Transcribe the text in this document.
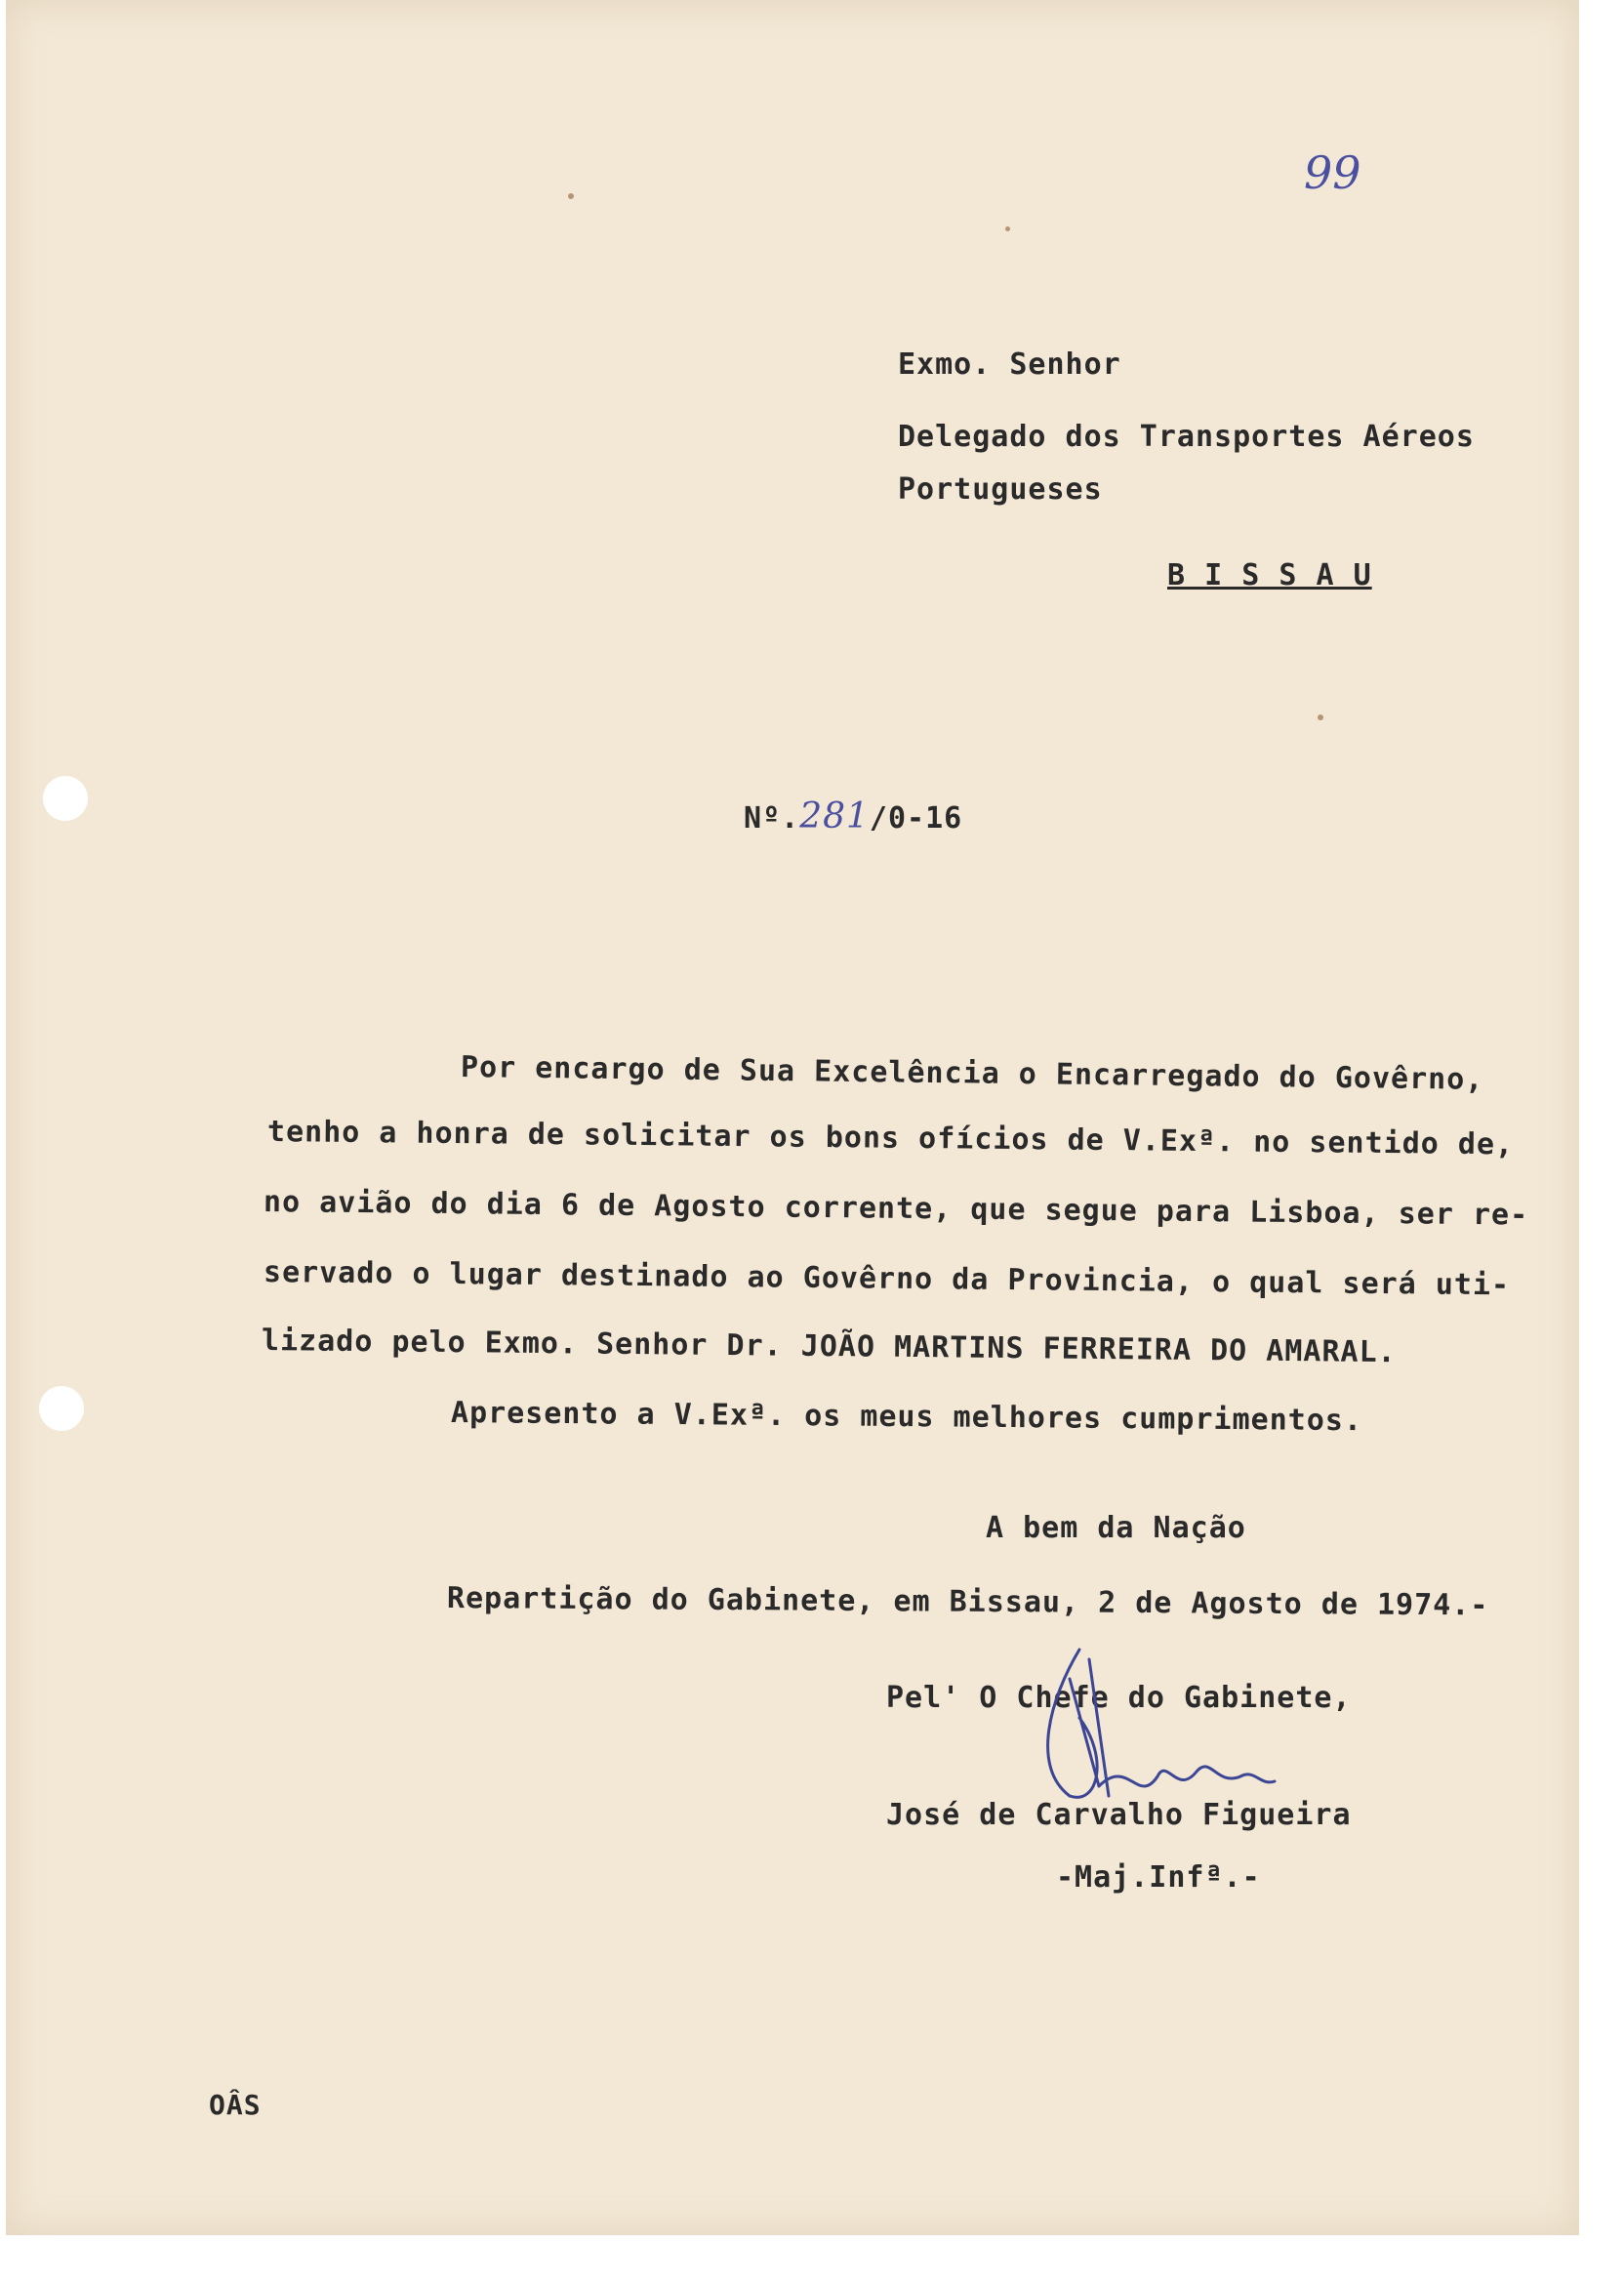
99
Exmo. Senhor
Delegado dos Transportes Aéreos
Portugueses
B I S S A U
Nº.281/0-16
Por encargo de Sua Excelência o Encarregado do Govêrno,
tenho a honra de solicitar os bons ofícios de V.Exª. no sentido de,
no avião do dia 6 de Agosto corrente, que segue para Lisboa, ser re-
servado o lugar destinado ao Govêrno da Provincia, o qual será uti-
lizado pelo Exmo. Senhor Dr. JOÃO MARTINS FERREIRA DO AMARAL.
Apresento a V.Exª. os meus melhores cumprimentos.
A bem da Nação
Repartição do Gabinete, em Bissau, 2 de Agosto de 1974.-
Pel' O Chefe do Gabinete,
José de Carvalho Figueira
-Maj.Infª.-
OÂS
